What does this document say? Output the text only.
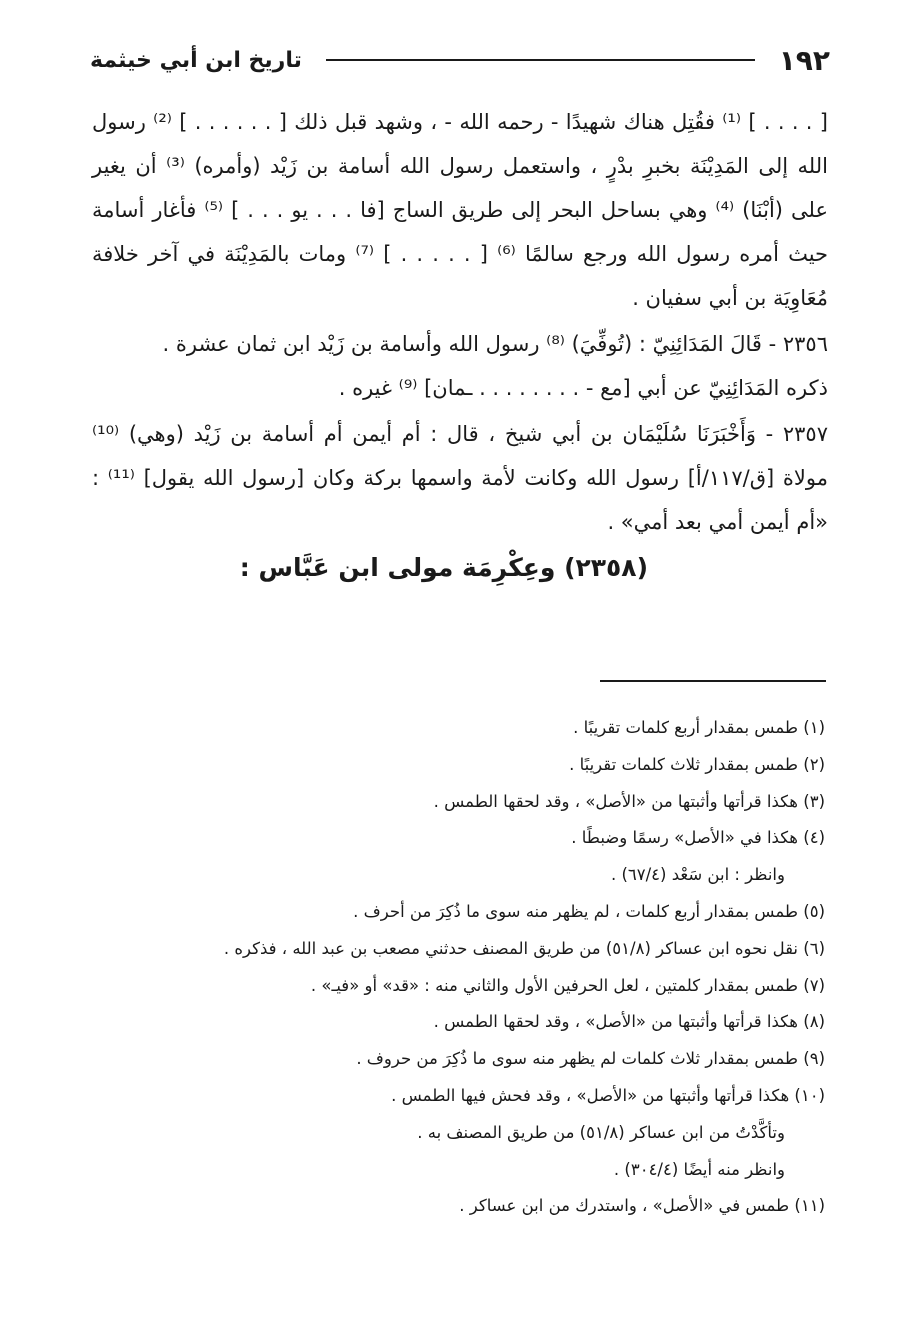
١٩٢
تاريخ ابن أبي خيثمة

[ . . . . ] ⁽¹⁾ فقُتِل هناك شهيدًا - رحمه الله - ، وشهد قبل ذلك [ . . . . . . ] ⁽²⁾ رسول الله إلى المَدِيْنَة بخبرِ بدْرٍ ، واستعمل رسول الله أسامة بن زَيْد (وأمره) ⁽³⁾ أن يغير على (أبْنَا) ⁽⁴⁾ وهي بساحل البحر إلى طريق الساج [فا . . . يو . . . ] ⁽⁵⁾ فأغار أسامة حيث أمره رسول الله ورجع سالمًا ⁽⁶⁾ [ . . . . . ] ⁽⁷⁾ ومات بالمَدِيْنَة في آخر خلافة مُعَاوِيَة بن أبي سفيان .

٢٣٥٦ - قَالَ المَدَائِنِيّ : (تُوفِّيَ) ⁽⁸⁾ رسول الله وأسامة بن زَيْد ابن ثمان عشرة .

ذكره المَدَائِنِيّ عن أبي [مع - . . . . . . . . ـمان] ⁽⁹⁾ غيره .

٢٣٥٧ - وَأَخْبَرَنَا سُلَيْمَان بن أبي شيخ ، قال : أم أيمن أم أسامة بن زَيْد (وهي) ⁽¹⁰⁾ مولاة [ق/١١٧/أ] رسول الله وكانت لأمة واسمها بركة وكان [رسول الله يقول] ⁽¹¹⁾ : «أم أيمن أمي بعد أمي» .

(٢٣٥٨) وعِكْرِمَة مولى ابن عَبَّاس :

(١) طمس بمقدار أربع كلمات تقريبًا .

(٢) طمس بمقدار ثلاث كلمات تقريبًا .

(٣) هكذا قرأتها وأثبتها من «الأصل» ، وقد لحقها الطمس .

(٤) هكذا في «الأصل» رسمًا وضبطًا .

وانظر : ابن سَعْد (٦٧/٤) .

(٥) طمس بمقدار أربع كلمات ، لم يظهر منه سوى ما ذُكِرَ من أحرف .

(٦) نقل نحوه ابن عساكر (٥١/٨) من طريق المصنف حدثني مصعب بن عبد الله ، فذكره .

(٧) طمس بمقدار كلمتين ، لعل الحرفين الأول والثاني منه : «قد» أو «فيـ» .

(٨) هكذا قرأتها وأثبتها من «الأصل» ، وقد لحقها الطمس .

(٩) طمس بمقدار ثلاث كلمات لم يظهر منه سوى ما ذُكِرَ من حروف .

(١٠) هكذا قرأتها وأثبتها من «الأصل» ، وقد فحش فيها الطمس .

وتأكَّدْتُ من ابن عساكر (٥١/٨) من طريق المصنف به .

وانظر منه أيضًا (٣٠٤/٤) .

(١١) طمس في «الأصل» ، واستدرك من ابن عساكر .
